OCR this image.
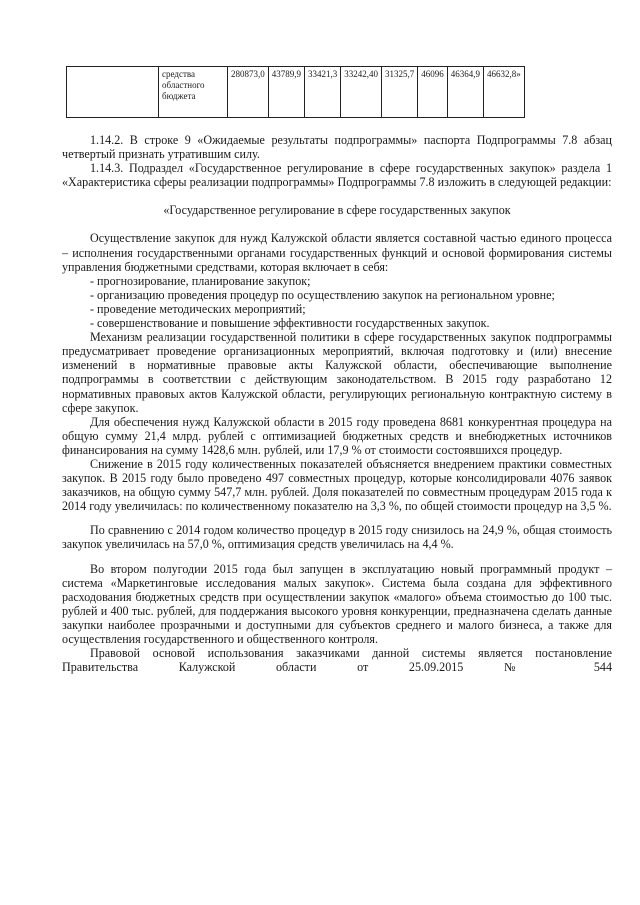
	средства областного бюджета	280873,0	43789,9	33421,3	33242,40	31325,7	46096	46364,9	46632,8»

1.14.2. В строке 9 «Ожидаемые результаты подпрограммы» паспорта Подпрограммы 7.8 абзац четвертый признать утратившим силу.

1.14.3. Подраздел «Государственное регулирование в сфере государственных закупок» раздела 1 «Характеристика сферы реализации подпрограммы» Подпрограммы 7.8 изложить в следующей редакции:

«Государственное регулирование в сфере государственных закупок

Осуществление закупок для нужд Калужской области является составной частью единого процесса – исполнения государственными органами государственных функций и основой формирования системы управления бюджетными средствами, которая включает в себя:

- прогнозирование, планирование закупок;

- организацию проведения процедур по осуществлению закупок на региональном уровне;

- проведение методических мероприятий;

- совершенствование и повышение эффективности государственных закупок.

Механизм реализации государственной политики в сфере государственных закупок подпрограммы предусматривает проведение организационных мероприятий, включая подготовку и (или) внесение изменений в нормативные правовые акты Калужской области, обеспечивающие выполнение подпрограммы в соответствии с действующим законодательством. В 2015 году разработано 12 нормативных правовых актов Калужской области, регулирующих региональную контрактную систему в сфере закупок.

Для обеспечения нужд Калужской области в 2015 году проведена 8681 конкурентная процедура на общую сумму 21,4 млрд. рублей с оптимизацией бюджетных средств и внебюджетных источников финансирования на сумму 1428,6 млн. рублей, или 17,9 % от стоимости состоявшихся процедур.

Снижение в 2015 году количественных показателей объясняется внедрением практики совместных закупок. В 2015 году было проведено 497 совместных процедур, которые консолидировали 4076 заявок заказчиков, на общую сумму 547,7 млн. рублей. Доля показателей по совместным процедурам 2015 года к 2014 году увеличилась: по количественному показателю на 3,3 %, по общей стоимости процедур на 3,5 %.

По сравнению с 2014 годом количество процедур в 2015 году снизилось на 24,9 %, общая стоимость закупок увеличилась на 57,0 %, оптимизация средств увеличилась на 4,4 %.

Во втором полугодии 2015 года был запущен в эксплуатацию новый программный продукт – система «Маркетинговые исследования малых закупок». Система была создана для эффективного расходования бюджетных средств при осуществлении закупок «малого» объема стоимостью до 100 тыс. рублей и 400 тыс. рублей, для поддержания высокого уровня конкуренции, предназначена сделать данные закупки наиболее прозрачными и доступными для субъектов среднего и малого бизнеса, а также для осуществления государственного и общественного контроля.

Правовой основой использования заказчиками данной системы является постановление Правительства Калужской области от 25.09.2015 № 544
